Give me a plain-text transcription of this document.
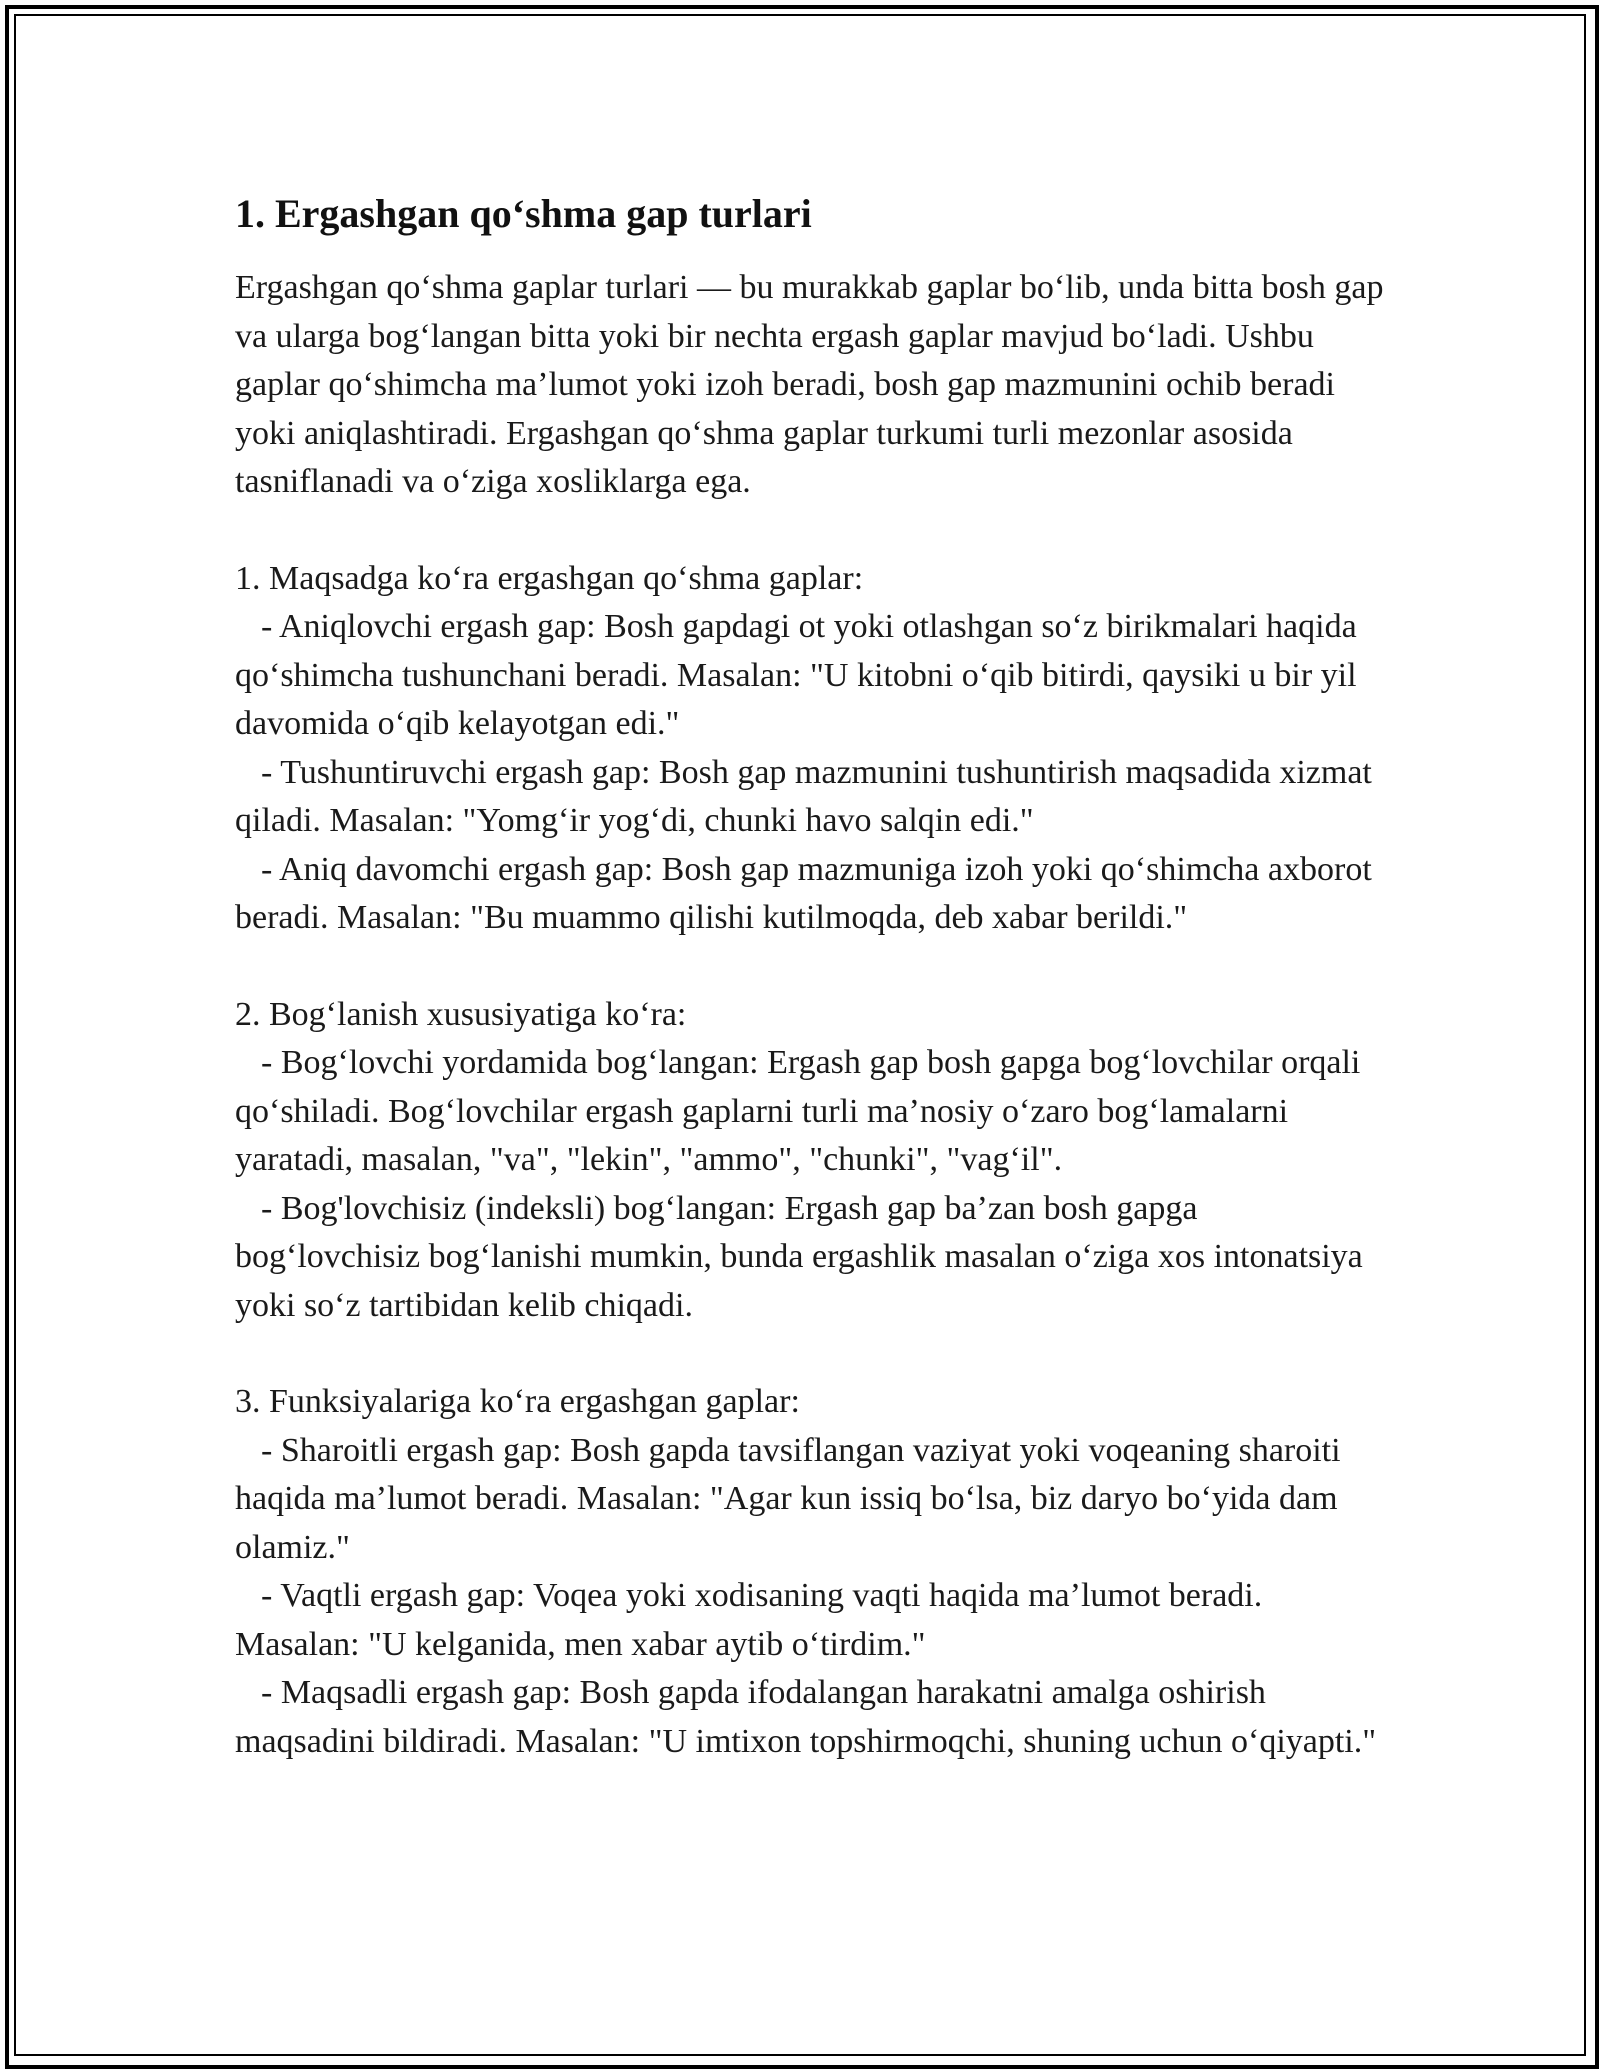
1. Ergashgan qo‘shma gap turlari

Ergashgan qo‘shma gaplar turlari — bu murakkab gaplar bo‘lib, unda bitta bosh gap va ularga bog‘langan bitta yoki bir nechta ergash gaplar mavjud bo‘ladi. Ushbu gaplar qo‘shimcha ma’lumot yoki izoh beradi, bosh gap mazmunini ochib beradi yoki aniqlashtiradi. Ergashgan qo‘shma gaplar turkumi turli mezonlar asosida tasniflanadi va o‘ziga xosliklarga ega.

1. Maqsadga ko‘ra ergashgan qo‘shma gaplar:

- Aniqlovchi ergash gap: Bosh gapdagi ot yoki otlashgan so‘z birikmalari haqida qo‘shimcha tushunchani beradi. Masalan: "U kitobni o‘qib bitirdi, qaysiki u bir yil davomida o‘qib kelayotgan edi."

- Tushuntiruvchi ergash gap: Bosh gap mazmunini tushuntirish maqsadida xizmat qiladi. Masalan: "Yomg‘ir yog‘di, chunki havo salqin edi."

- Aniq davomchi ergash gap: Bosh gap mazmuniga izoh yoki qo‘shimcha axborot beradi. Masalan: "Bu muammo qilishi kutilmoqda, deb xabar berildi."

2. Bog‘lanish xususiyatiga ko‘ra:

- Bog‘lovchi yordamida bog‘langan: Ergash gap bosh gapga bog‘lovchilar orqali qo‘shiladi. Bog‘lovchilar ergash gaplarni turli ma’nosiy o‘zaro bog‘lamalarni yaratadi, masalan, "va", "lekin", "ammo", "chunki", "vag‘il".

- Bog'lovchisiz (indeksli) bog‘langan: Ergash gap ba’zan bosh gapga bog‘lovchisiz bog‘lanishi mumkin, bunda ergashlik masalan o‘ziga xos intonatsiya yoki so‘z tartibidan kelib chiqadi.

3. Funksiyalariga ko‘ra ergashgan gaplar:

- Sharoitli ergash gap: Bosh gapda tavsiflangan vaziyat yoki voqeaning sharoiti haqida ma’lumot beradi. Masalan: "Agar kun issiq bo‘lsa, biz daryo bo‘yida dam olamiz."

- Vaqtli ergash gap: Voqea yoki xodisaning vaqti haqida ma’lumot beradi. Masalan: "U kelganida, men xabar aytib o‘tirdim."

- Maqsadli ergash gap: Bosh gapda ifodalangan harakatni amalga oshirish maqsadini bildiradi. Masalan: "U imtixon topshirmoqchi, shuning uchun o‘qiyapti."
